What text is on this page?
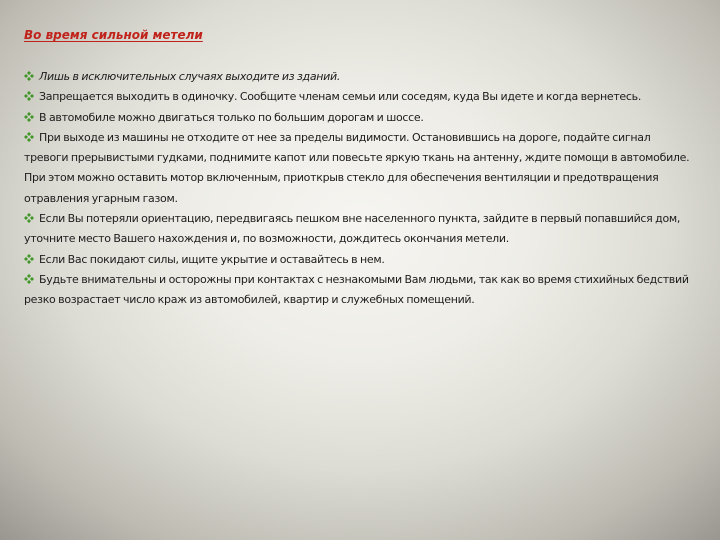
Во время сильной метели
Лишь в исключительных случаях выходите из зданий.
Запрещается выходить в одиночку. Сообщите членам семьи или соседям, куда Вы идете и когда вернетесь.
В автомобиле можно двигаться только по большим дорогам и шоссе.
При выходе из машины не отходите от нее за пределы видимости. Остановившись на дороге, подайте сигнал тревоги прерывистыми гудками, поднимите капот или повесьте яркую ткань на антенну, ждите помощи в автомобиле. При этом можно оставить мотор включенным, приоткрыв стекло для обеспечения вентиляции и предотвращения отравления угарным газом.
Если Вы потеряли ориентацию, передвигаясь пешком вне населенного пункта, зайдите в первый попавшийся дом, уточните место Вашего нахождения и, по возможности, дождитесь окончания метели.
Если Вас покидают силы, ищите укрытие и оставайтесь в нем.
Будьте внимательны и осторожны при контактах с незнакомыми Вам людьми, так как во время стихийных бедствий резко возрастает число краж из автомобилей, квартир и служебных помещений.
